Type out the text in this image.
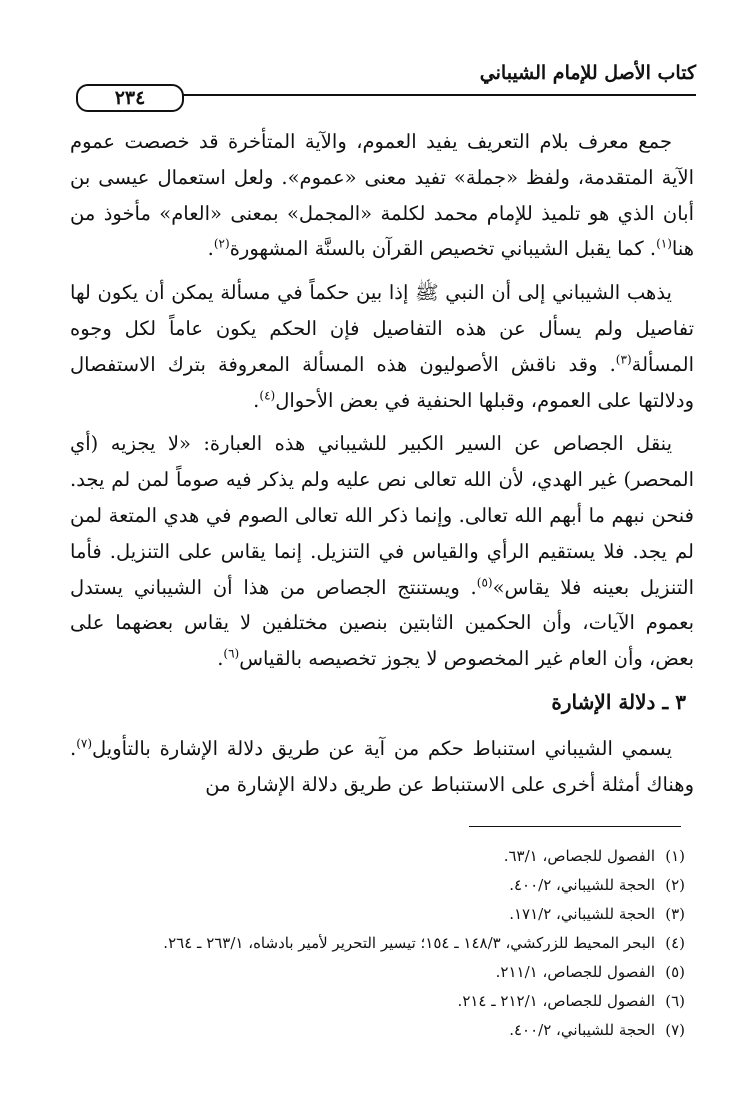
كتاب الأصل للإمام الشيباني
٢٣٤

جمع معرف بلام التعريف يفيد العموم، والآية المتأخرة قد خصصت عموم الآية المتقدمة، ولفظ «جملة» تفيد معنى «عموم». ولعل استعمال عيسى بن أبان الذي هو تلميذ للإمام محمد لكلمة «المجمل» بمعنى «العام» مأخوذ من هنا$^{(١)}$. كما يقبل الشيباني تخصيص القرآن بالسنَّة المشهورة$^{(٢)}$.

يذهب الشيباني إلى أن النبي ﷺ إذا بين حكماً في مسألة يمكن أن يكون لها تفاصيل ولم يسأل عن هذه التفاصيل فإن الحكم يكون عاماً لكل وجوه المسألة$^{(٣)}$. وقد ناقش الأصوليون هذه المسألة المعروفة بترك الاستفصال ودلالتها على العموم، وقبلها الحنفية في بعض الأحوال$^{(٤)}$.

ينقل الجصاص عن السير الكبير للشيباني هذه العبارة: «لا يجزيه (أي المحصر) غير الهدي، لأن الله تعالى نص عليه ولم يذكر فيه صوماً لمن لم يجد. فنحن نبهم ما أبهم الله تعالى. وإنما ذكر الله تعالى الصوم في هدي المتعة لمن لم يجد. فلا يستقيم الرأي والقياس في التنزيل. إنما يقاس على التنزيل. فأما التنزيل بعينه فلا يقاس»$^{(٥)}$. ويستنتج الجصاص من هذا أن الشيباني يستدل بعموم الآيات، وأن الحكمين الثابتين بنصين مختلفين لا يقاس بعضهما على بعض، وأن العام غير المخصوص لا يجوز تخصيصه بالقياس$^{(٦)}$.

٣ ـ دلالة الإشارة

يسمي الشيباني استنباط حكم من آية عن طريق دلالة الإشارة بالتأويل$^{(٧)}$. وهناك أمثلة أخرى على الاستنباط عن طريق دلالة الإشارة من

(١)
الفصول للجصاص، ٦٣/١.
(٢)
الحجة للشيباني، ٤٠٠/٢.
(٣)
الحجة للشيباني، ١٧١/٢.
(٤)
البحر المحيط للزركشي، ١٤٨/٣ ـ ١٥٤؛ تيسير التحرير لأمير بادشاه، ٢٦٣/١ ـ ٢٦٤.
(٥)
الفصول للجصاص، ٢١١/١.
(٦)
الفصول للجصاص، ٢١٢/١ ـ ٢١٤.
(٧)
الحجة للشيباني، ٤٠٠/٢.
